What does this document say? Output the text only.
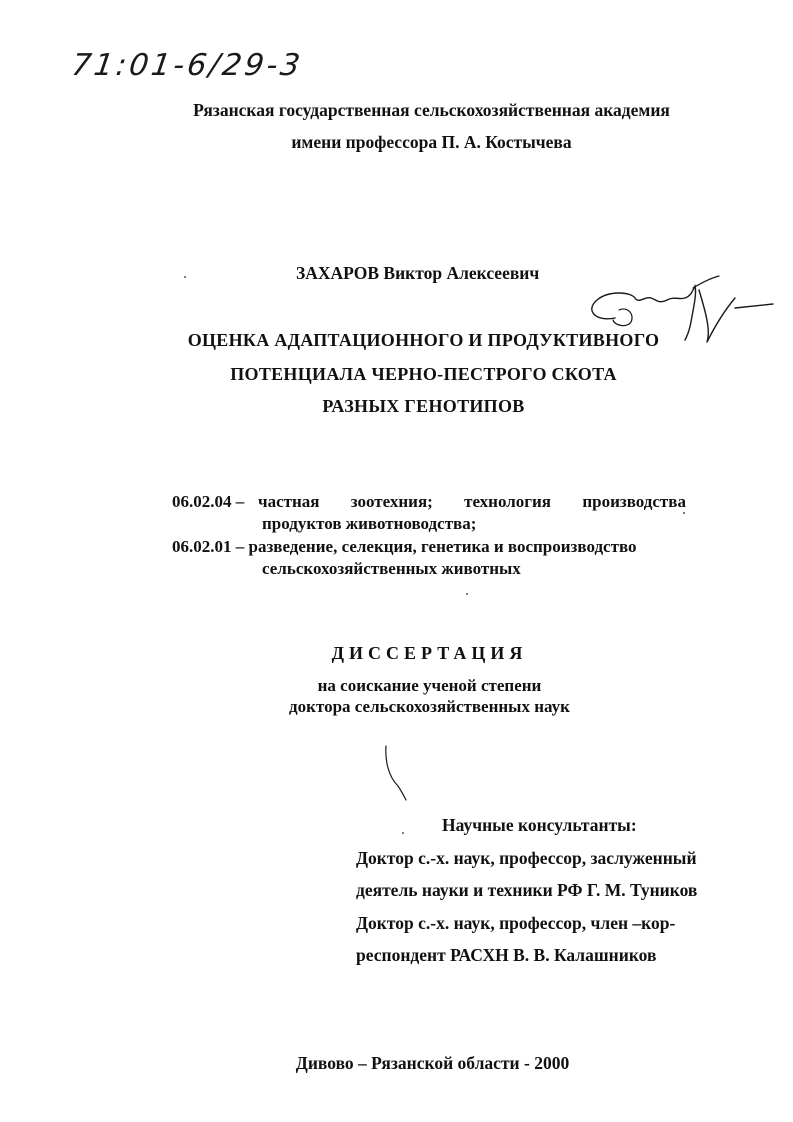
71:01-6/29-3
Рязанская государственная сельскохозяйственная академия
имени профессора П. А. Костычева
ЗАХАРОВ Виктор Алексеевич
ОЦЕНКА АДАПТАЦИОННОГО И ПРОДУКТИВНОГО
ПОТЕНЦИАЛА ЧЕРНО-ПЕСТРОГО СКОТА
РАЗНЫХ ГЕНОТИПОВ
06.02.04 – частная зоотехния; технология производства
продуктов животноводства;
06.02.01 – разведение, селекция, генетика и воспроизводство
сельскохозяйственных животных
ДИССЕРТАЦИЯ
на соискание ученой степени
доктора сельскохозяйственных наук
Научные консультанты:
Доктор с.-х. наук, профессор, заслуженный
деятель науки и техники РФ Г. М. Туников
Доктор с.-х. наук, профессор, член –кор-
респондент РАСХН В. В. Калашников
Дивово – Рязанской области - 2000
